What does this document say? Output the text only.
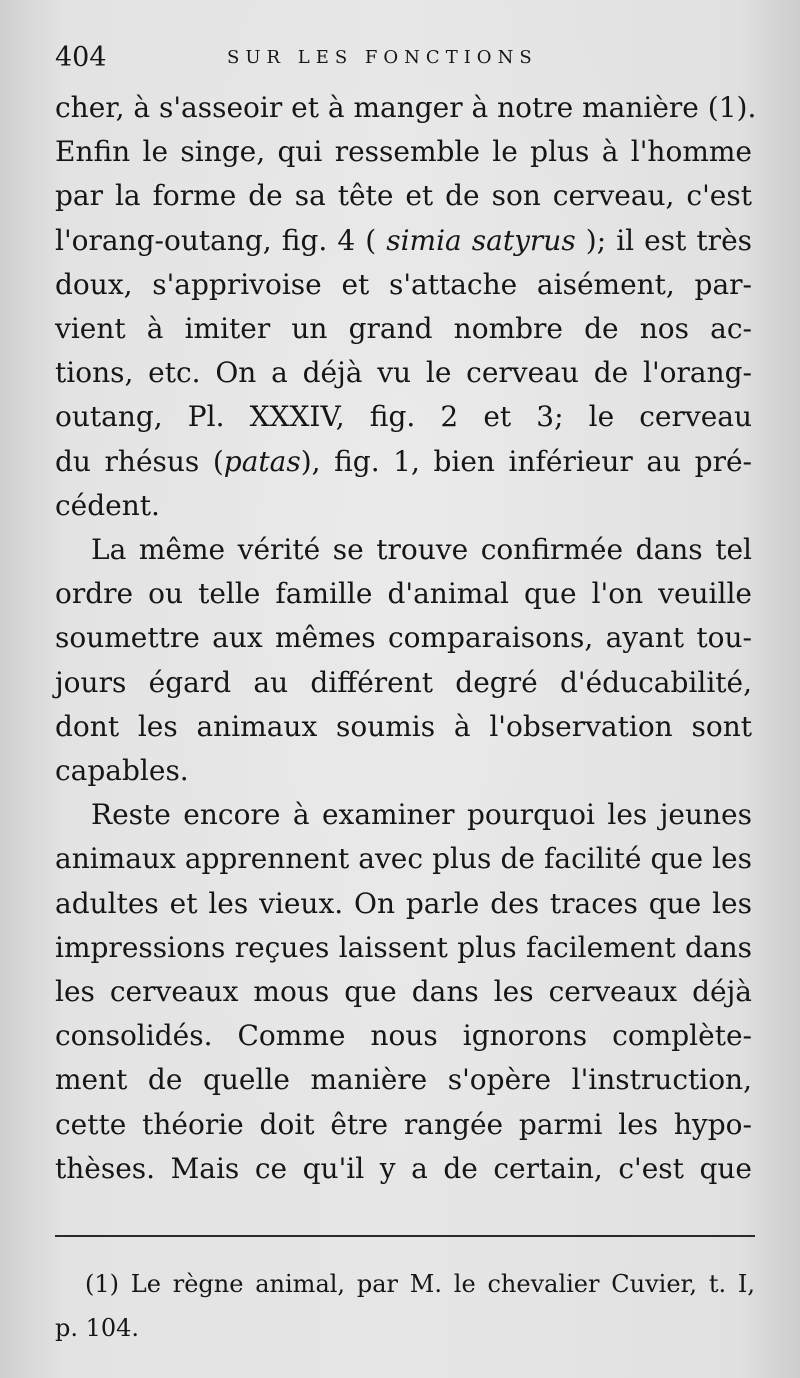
404	SUR LES FONCTIONS

cher, à s'asseoir et à manger à notre manière (1).
Enfin le singe, qui ressemble le plus à l'homme
par la forme de sa tête et de son cerveau, c'est
l'orang-outang, fig. 4 ( simia satyrus ); il est très
doux, s'apprivoise et s'attache aisément, par-
vient à imiter un grand nombre de nos ac-
tions, etc. On a déjà vu le cerveau de l'orang-
outang, Pl. XXXIV, fig. 2 et 3; le cerveau
du rhésus (patas), fig. 1, bien inférieur au pré-
cédent.

La même vérité se trouve confirmée dans tel
ordre ou telle famille d'animal que l'on veuille
soumettre aux mêmes comparaisons, ayant tou-
jours égard au différent degré d'éducabilité,
dont les animaux soumis à l'observation sont
capables.

Reste encore à examiner pourquoi les jeunes
animaux apprennent avec plus de facilité que les
adultes et les vieux. On parle des traces que les
impressions reçues laissent plus facilement dans
les cerveaux mous que dans les cerveaux déjà
consolidés. Comme nous ignorons complète-
ment de quelle manière s'opère l'instruction,
cette théorie doit être rangée parmi les hypo-
thèses. Mais ce qu'il y a de certain, c'est que

(1) Le règne animal, par M. le chevalier Cuvier, t. I,
p. 104.
